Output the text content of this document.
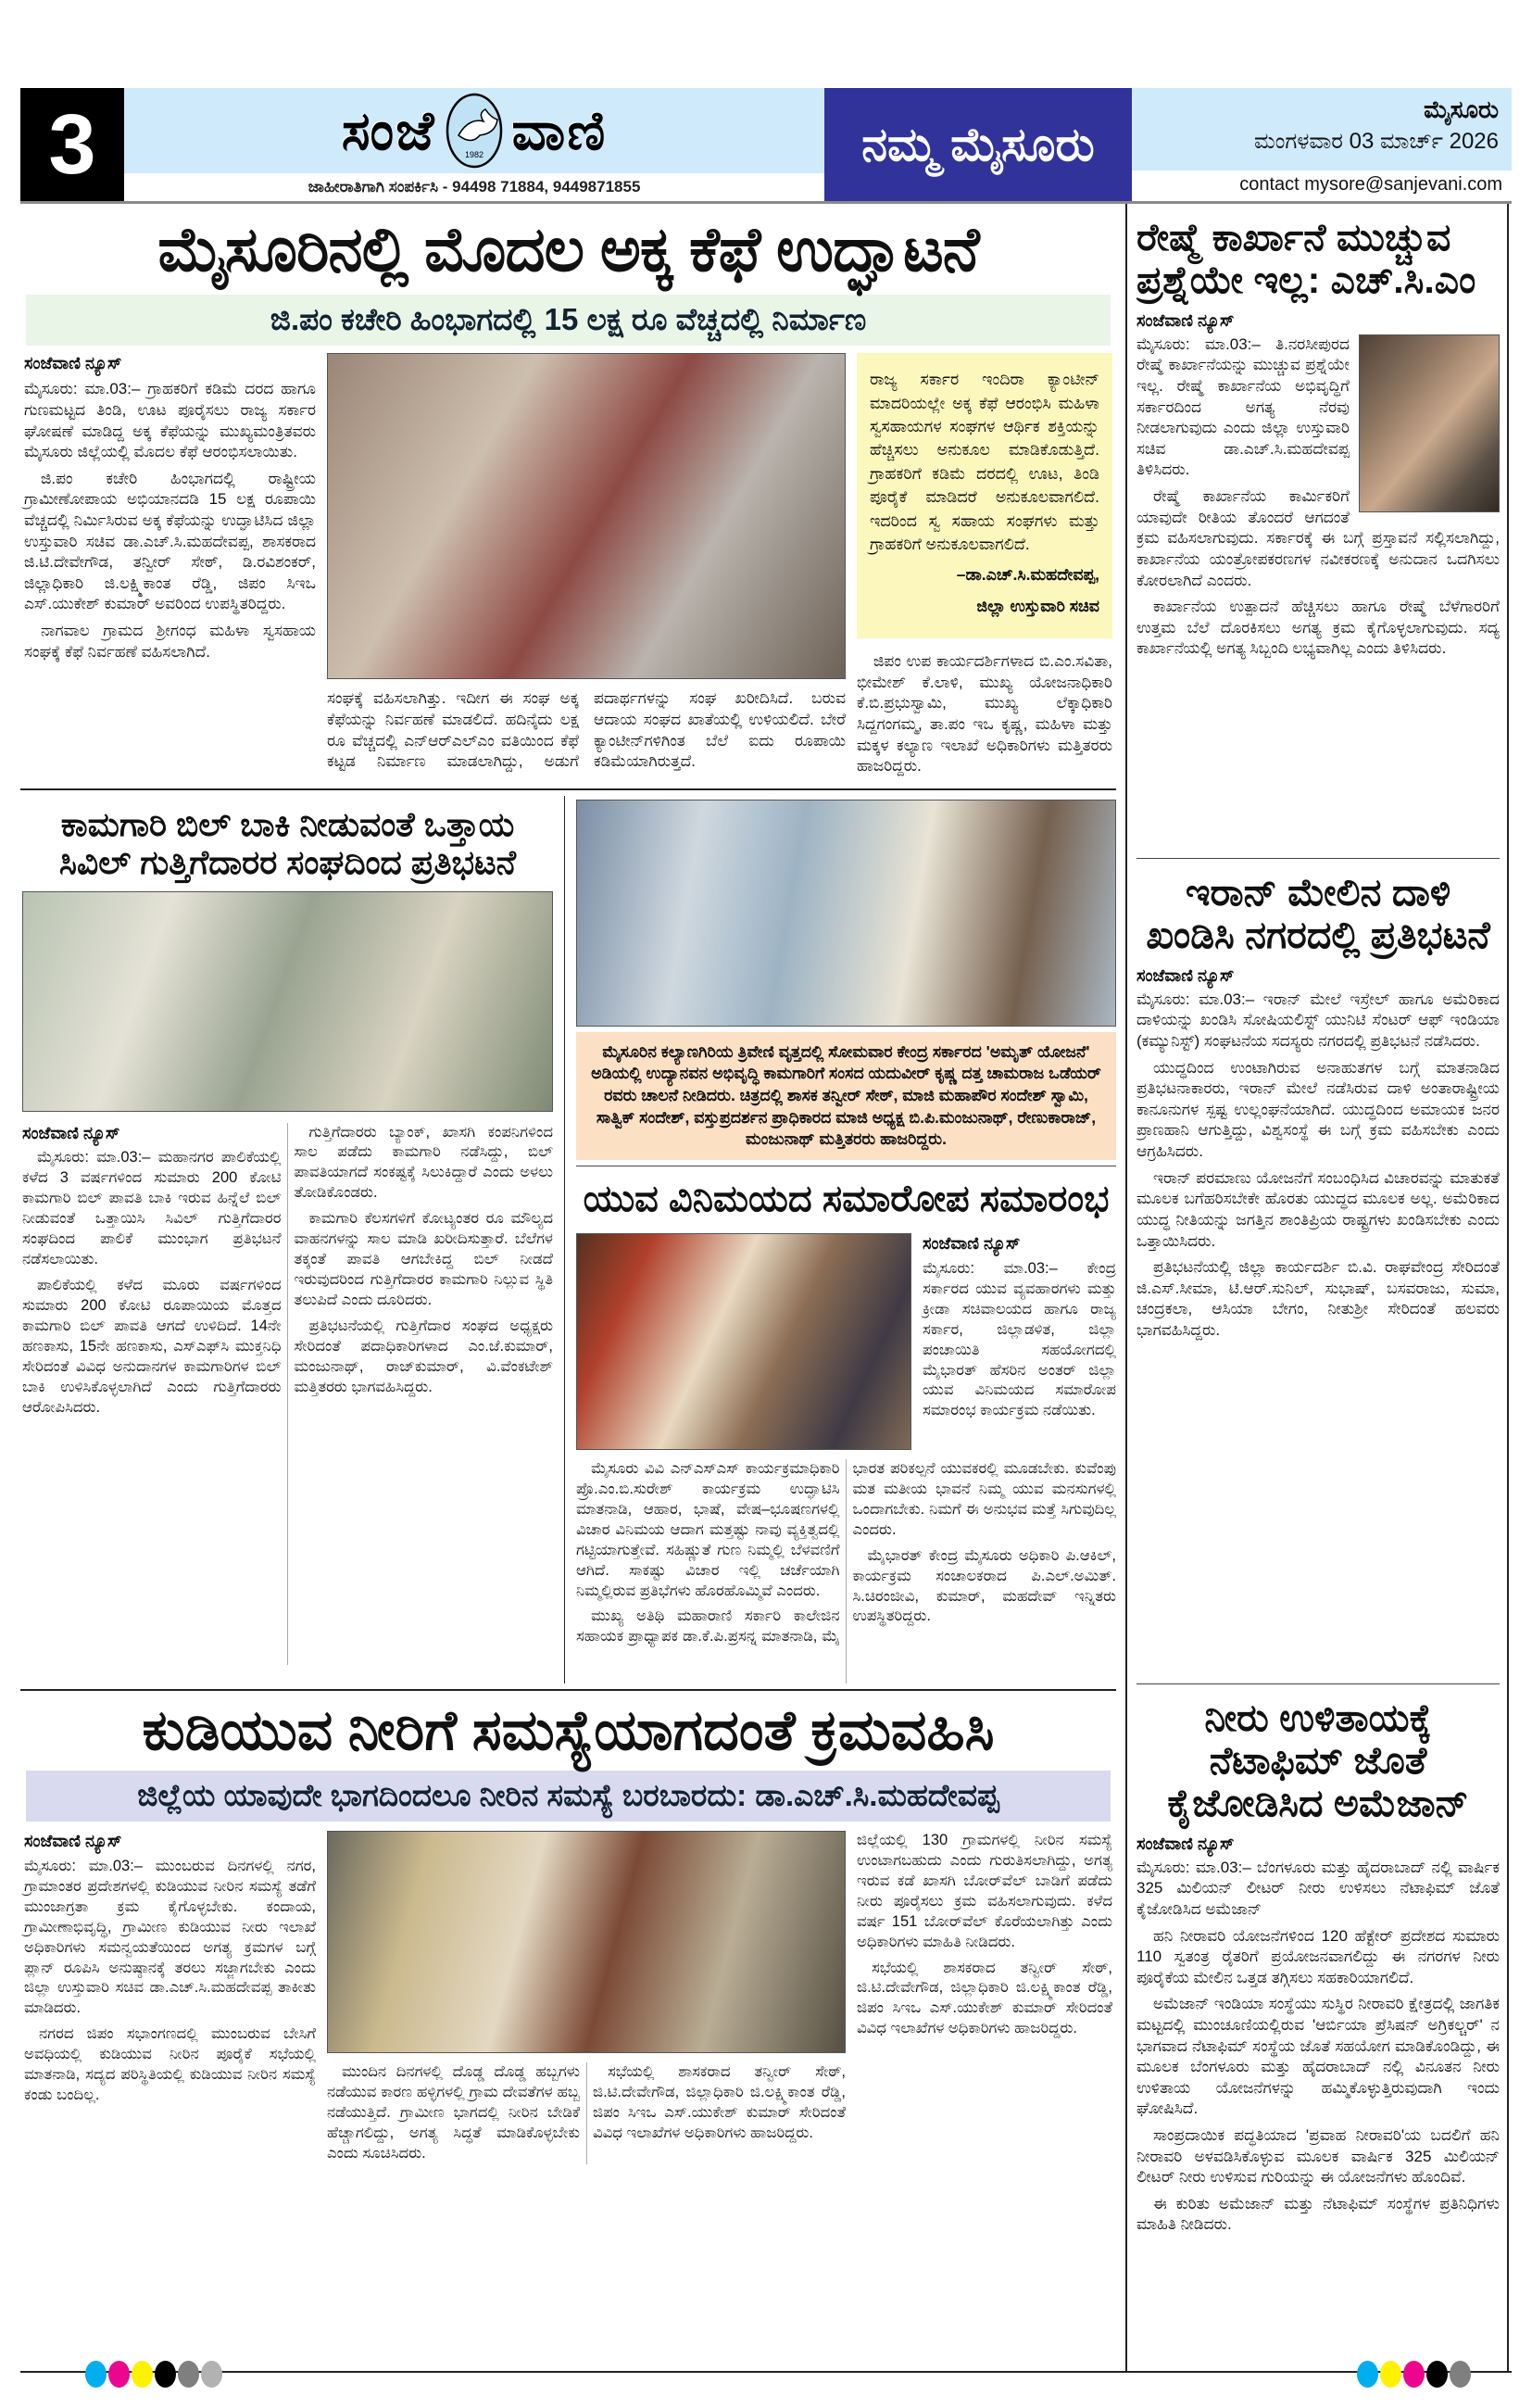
3	ಸಂಜೆ	1982 ವಾಣಿ
ಜಾಹೀರಾತಿಗಾಗಿ ಸಂಪರ್ಕಿಸಿ - 94498 71884, 9449871855
ನಮ್ಮ ಮೈಸೂರು
ಮೈಸೂರು
ಮಂಗಳವಾರ 03 ಮಾರ್ಚ್ 2026
contact mysore@sanjevani.com
ಮೈಸೂರಿನಲ್ಲಿ ಮೊದಲ ಅಕ್ಕ ಕೆಫೆ ಉದ್ಘಾಟನೆ
ಜಿ.ಪಂ ಕಚೇರಿ ಹಿಂಭಾಗದಲ್ಲಿ 15 ಲಕ್ಷ ರೂ ವೆಚ್ಚದಲ್ಲಿ ನಿರ್ಮಾಣ
ಸಂಜೆವಾಣಿ ನ್ಯೂಸ್

ಮೈಸೂರು: ಮಾ.03:– ಗ್ರಾಹಕರಿಗೆ ಕಡಿಮೆ ದರದ ಹಾಗೂ ಗುಣಮಟ್ಟದ ತಿಂಡಿ, ಊಟ ಪೂರೈಸಲು ರಾಜ್ಯ ಸರ್ಕಾರ ಘೋಷಣೆ ಮಾಡಿದ್ದ ಅಕ್ಕ ಕೆಫೆಯನ್ನು ಮುಖ್ಯಮಂತ್ರಿತವರು ಮೈಸೂರು ಜಿಲ್ಲೆಯಲ್ಲಿ ಮೊದಲ ಕೆಫೆ ಆರಂಭಿಸಲಾಯಿತು.

ಜಿ.ಪಂ ಕಚೇರಿ ಹಿಂಭಾಗದಲ್ಲಿ ರಾಷ್ಟ್ರೀಯ ಗ್ರಾಮೀಣೋಪಾಯ ಅಭಿಯಾನದಡಿ 15 ಲಕ್ಷ ರೂಪಾಯಿ ವೆಚ್ಚದಲ್ಲಿ ನಿರ್ಮಿಸಿರುವ ಅಕ್ಕ ಕೆಫೆಯನ್ನು ಉದ್ಘಾಟಿಸಿದ ಜಿಲ್ಲಾ ಉಸ್ತುವಾರಿ ಸಚಿವ ಡಾ.ಎಚ್.ಸಿ.ಮಹದೇವಪ್ಪ, ಶಾಸಕರಾದ ಜಿ.ಟಿ.ದೇವೇಗೌಡ, ತನ್ವೀರ್ ಸೇಠ್, ಡಿ.ರವಿಶಂಕರ್, ಜಿಲ್ಲಾಧಿಕಾರಿ ಜಿ.ಲಕ್ಷ್ಮಿಕಾಂತ ರೆಡ್ಡಿ, ಜಿಪಂ ಸಿಇಒ ಎಸ್.ಯುಕೇಶ್ ಕುಮಾರ್ ಅವರಿಂದ ಉಪಸ್ಥಿತರಿದ್ದರು.

ನಾಗವಾಲ ಗ್ರಾಮದ ಶ್ರೀಗಂಧ ಮಹಿಳಾ ಸ್ವಸಹಾಯ ಸಂಘಕ್ಕೆ ಕೆಫೆ ನಿರ್ವಹಣೆ ವಹಿಸಲಾಗಿದೆ.

ಸಂಘಕ್ಕೆ ವಹಿಸಲಾಗಿತ್ತು. ಇದೀಗ ಈ ಸಂಘ ಅಕ್ಕ ಕೆಫೆಯನ್ನು ನಿರ್ವಹಣೆ ಮಾಡಲಿದೆ. ಹದಿನೈದು ಲಕ್ಷ ರೂ ವೆಚ್ಚದಲ್ಲಿ ಎನ್‌ಆರ್‌ಎಲ್‌ಎಂ ವತಿಯಿಂದ ಕೆಫೆ ಕಟ್ಟಡ ನಿರ್ಮಾಣ ಮಾಡಲಾಗಿದ್ದು, ಅಡುಗೆ ಪದಾರ್ಥಗಳನ್ನು ಸಂಘ ಖರೀದಿಸಿದೆ. ಬರುವ ಆದಾಯ ಸಂಘದ ಖಾತೆಯಲ್ಲಿ ಉಳಿಯಲಿದೆ. ಬೇರೆ ಕ್ಯಾಂಟೀನ್‌ಗಳಿಗಿಂತ ಬೆಲೆ ಐದು ರೂಪಾಯಿ ಕಡಿಮೆಯಾಗಿರುತ್ತದೆ.

ರಾಜ್ಯ ಸರ್ಕಾರ ಇಂದಿರಾ ಕ್ಯಾಂಟೀನ್ ಮಾದರಿಯಲ್ಲೇ ಅಕ್ಕ ಕೆಫೆ ಆರಂಭಿಸಿ ಮಹಿಳಾ ಸ್ವಸಹಾಯಗಳ ಸಂಘಗಳ ಆರ್ಥಿಕ ಶಕ್ತಿಯನ್ನು ಹೆಚ್ಚಿಸಲು ಅನುಕೂಲ ಮಾಡಿಕೊಡುತ್ತಿದೆ. ಗ್ರಾಹಕರಿಗೆ ಕಡಿಮೆ ದರದಲ್ಲಿ ಊಟ, ತಿಂಡಿ ಪೂರೈಕೆ ಮಾಡಿದರೆ ಅನುಕೂಲವಾಗಲಿದೆ. ಇದರಿಂದ ಸ್ವ ಸಹಾಯ ಸಂಘಗಳು ಮತ್ತು ಗ್ರಾಹಕರಿಗೆ ಅನುಕೂಲವಾಗಲಿದೆ.

–ಡಾ.ಎಚ್.ಸಿ.ಮಹದೇವಪ್ಪ,

ಜಿಲ್ಲಾ ಉಸ್ತುವಾರಿ ಸಚಿವ

ಜಿಪಂ ಉಪ ಕಾರ್ಯದರ್ಶಿಗಳಾದ ಬಿ.ಎಂ.ಸವಿತಾ, ಭೀಮೇಶ್ ಕೆ.ಲಾಳಿ, ಮುಖ್ಯ ಯೋಜನಾಧಿಕಾರಿ ಕೆ.ಬಿ.ಪ್ರಭುಸ್ವಾಮಿ, ಮುಖ್ಯ ಲೆಕ್ಕಾಧಿಕಾರಿ ಸಿದ್ದಗಂಗಮ್ಮ, ತಾ.ಪಂ ಇಒ ಕೃಷ್ಣ, ಮಹಿಳಾ ಮತ್ತು ಮಕ್ಕಳ ಕಲ್ಯಾಣ ಇಲಾಖೆ ಅಧಿಕಾರಿಗಳು ಮತ್ತಿತರರು ಹಾಜರಿದ್ದರು.

ಕಾಮಗಾರಿ ಬಿಲ್ ಬಾಕಿ ನೀಡುವಂತೆ ಒತ್ತಾಯ ಸಿವಿಲ್ ಗುತ್ತಿಗೆದಾರರ ಸಂಘದಿಂದ ಪ್ರತಿಭಟನೆ
ಸಂಜೆವಾಣಿ ನ್ಯೂಸ್

ಮೈಸೂರು: ಮಾ.03:– ಮಹಾನಗರ ಪಾಲಿಕೆಯಲ್ಲಿ ಕಳೆದ 3 ವರ್ಷಗಳಿಂದ ಸುಮಾರು 200 ಕೋಟಿ ಕಾಮಗಾರಿ ಬಿಲ್ ಪಾವತಿ ಬಾಕಿ ಇರುವ ಹಿನ್ನೆಲೆ ಬಿಲ್ ನೀಡುವಂತೆ ಒತ್ತಾಯಿಸಿ ಸಿವಿಲ್ ಗುತ್ತಿಗೆದಾರರ ಸಂಘದಿಂದ ಪಾಲಿಕೆ ಮುಂಭಾಗ ಪ್ರತಿಭಟನೆ ನಡೆಸಲಾಯಿತು.

ಪಾಲಿಕೆಯಲ್ಲಿ ಕಳೆದ ಮೂರು ವರ್ಷಗಳಿಂದ ಸುಮಾರು 200 ಕೋಟಿ ರೂಪಾಯಿಯ ಮೊತ್ತದ ಕಾಮಗಾರಿ ಬಿಲ್ ಪಾವತಿ ಆಗದೆ ಉಳಿದಿದೆ. 14ನೇ ಹಣಕಾಸು, 15ನೇ ಹಣಕಾಸು, ಎಸ್‌ಎಫ್‌ಸಿ ಮುಕ್ತನಿಧಿ ಸೇರಿದಂತೆ ವಿವಿಧ ಅನುದಾನಗಳ ಕಾಮಗಾರಿಗಳ ಬಿಲ್ ಬಾಕಿ ಉಳಿಸಿಕೊಳ್ಳಲಾಗಿದೆ ಎಂದು ಗುತ್ತಿಗೆದಾರರು ಆರೋಪಿಸಿದರು.

ಗುತ್ತಿಗೆದಾರರು ಬ್ಯಾಂಕ್, ಖಾಸಗಿ ಕಂಪನಿಗಳಿಂದ ಸಾಲ ಪಡೆದು ಕಾಮಗಾರಿ ನಡೆಸಿದ್ದು, ಬಿಲ್ ಪಾವತಿಯಾಗದೆ ಸಂಕಷ್ಟಕ್ಕೆ ಸಿಲುಕಿದ್ದಾರೆ ಎಂದು ಅಳಲು ತೋಡಿಕೊಂಡರು.

ಕಾಮಗಾರಿ ಕೆಲಸಗಳಿಗೆ ಕೋಟ್ಯಂತರ ರೂ ಮೌಲ್ಯದ ವಾಹನಗಳನ್ನು ಸಾಲ ಮಾಡಿ ಖರೀದಿಸುತ್ತಾರೆ. ಬೆಲೆಗಳ ತಕ್ಕಂತೆ ಪಾವತಿ ಆಗಬೇಕಿದ್ದ ಬಿಲ್ ನೀಡದೆ ಇರುವುದರಿಂದ ಗುತ್ತಿಗೆದಾರರ ಕಾಮಗಾರಿ ನಿಲ್ಲುವ ಸ್ಥಿತಿ ತಲುಪಿದೆ ಎಂದು ದೂರಿದರು.

ಪ್ರತಿಭಟನೆಯಲ್ಲಿ ಗುತ್ತಿಗೆದಾರ ಸಂಘದ ಅಧ್ಯಕ್ಷರು ಸೇರಿದಂತೆ ಪದಾಧಿಕಾರಿಗಳಾದ ಎಂ.ಜೆ.ಕುಮಾರ್, ಮಂಜುನಾಥ್, ರಾಜ್‌ಕುಮಾರ್, ವಿ.ವೆಂಕಟೇಶ್ ಮತ್ತಿತರರು ಭಾಗವಹಿಸಿದ್ದರು.

ಮೈಸೂರಿನ ಕಲ್ಯಾಣಗಿರಿಯ ತ್ರಿವೇಣಿ ವೃತ್ತದಲ್ಲಿ ಸೋಮವಾರ ಕೇಂದ್ರ ಸರ್ಕಾರದ 'ಅಮೃತ್ ಯೋಜನೆ' ಅಡಿಯಲ್ಲಿ ಉದ್ಯಾನವನ ಅಭಿವೃದ್ಧಿ ಕಾಮಗಾರಿಗೆ ಸಂಸದ ಯದುವೀರ್ ಕೃಷ್ಣ ದತ್ತ ಚಾಮರಾಜ ಒಡೆಯರ್ ರವರು ಚಾಲನೆ ನೀಡಿದರು. ಚಿತ್ರದಲ್ಲಿ ಶಾಸಕ ತನ್ವೀರ್ ಸೇಠ್, ಮಾಜಿ ಮಹಾಪೌರ ಸಂದೇಶ್ ಸ್ವಾಮಿ, ಸಾತ್ವಿಕ್ ಸಂದೇಶ್, ವಸ್ತುಪ್ರದರ್ಶನ ಪ್ರಾಧಿಕಾರದ ಮಾಜಿ ಅಧ್ಯಕ್ಷ ಬಿ.ಪಿ.ಮಂಜುನಾಥ್, ರೇಣುಕಾರಾಜ್, ಮಂಜುನಾಥ್ ಮತ್ತಿತರರು ಹಾಜರಿದ್ದರು.
ಯುವ ವಿನಿಮಯದ ಸಮಾರೋಪ ಸಮಾರಂಭ
ಸಂಜೆವಾಣಿ ನ್ಯೂಸ್

ಮೈಸೂರು: ಮಾ.03:– ಕೇಂದ್ರ ಸರ್ಕಾರದ ಯುವ ವ್ಯವಹಾರಗಳು ಮತ್ತು ಕ್ರೀಡಾ ಸಚಿವಾಲಯದ ಹಾಗೂ ರಾಜ್ಯ ಸರ್ಕಾರ, ಜಿಲ್ಲಾಡಳಿತ, ಜಿಲ್ಲಾ ಪಂಚಾಯಿತಿ ಸಹಯೋಗದಲ್ಲಿ ಮೈಭಾರತ್ ಹೆಸರಿನ ಅಂತರ್ ಜಿಲ್ಲಾ ಯುವ ವಿನಿಮಯದ ಸಮಾರೋಪ ಸಮಾರಂಭ ಕಾರ್ಯಕ್ರಮ ನಡೆಯಿತು.

ಮೈಸೂರು ವಿವಿ ಎನ್‌ಎಸ್‌ಎಸ್ ಕಾರ್ಯಕ್ರಮಾಧಿಕಾರಿ ಪ್ರೊ.ಎಂ.ಬಿ.ಸುರೇಶ್ ಕಾರ್ಯಕ್ರಮ ಉದ್ಘಾಟಿಸಿ ಮಾತನಾಡಿ, ಆಹಾರ, ಭಾಷೆ, ವೇಷ–ಭೂಷಣಗಳಲ್ಲಿ ವಿಚಾರ ವಿನಿಮಯ ಆದಾಗ ಮತ್ತಷ್ಟು ನಾವು ವ್ಯಕ್ತಿತ್ವದಲ್ಲಿ ಗಟ್ಟಿಯಾಗುತ್ತೇವೆ. ಸಹಿಷ್ಣುತೆ ಗುಣ ನಿಮ್ಮಲ್ಲಿ ಬೆಳವಣಿಗೆ ಆಗಿದೆ. ಸಾಕಷ್ಟು ವಿಚಾರ ಇಲ್ಲಿ ಚರ್ಚೆಯಾಗಿ ನಿಮ್ಮಲ್ಲಿರುವ ಪ್ರತಿಭೆಗಳು ಹೊರಹೊಮ್ಮಿವೆ ಎಂದರು.

ಮುಖ್ಯ ಅತಿಥಿ ಮಹಾರಾಣಿ ಸರ್ಕಾರಿ ಕಾಲೇಜಿನ ಸಹಾಯಕ ಪ್ರಾಧ್ಯಾಪಕ ಡಾ.ಕೆ.ಪಿ.ಪ್ರಸನ್ನ ಮಾತನಾಡಿ, ಮೈ ಭಾರತ ಪರಿಕಲ್ಪನೆ ಯುವಕರಲ್ಲಿ ಮೂಡಬೇಕು. ಕುವೆಂಪು ಮತ ಮತೀಯ ಭಾವನೆ ನಿಮ್ಮ ಯುವ ಮನಸುಗಳಲ್ಲಿ ಒಂದಾಗಬೇಕು. ನಿಮಗೆ ಈ ಅನುಭವ ಮತ್ತೆ ಸಿಗುವುದಿಲ್ಲ ಎಂದರು.

ಮೈಭಾರತ್ ಕೇಂದ್ರ ಮೈಸೂರು ಅಧಿಕಾರಿ ಪಿ.ಆಕಿಲ್, ಕಾರ್ಯಕ್ರಮ ಸಂಚಾಲಕರಾದ ಪಿ.ಎಲ್.ಅಮಿತ್. ಸಿ.ಚಿರಂಜೀವಿ, ಕುಮಾರ್, ಮಹದೇವ್ ಇನ್ನಿತರು ಉಪಸ್ಥಿತರಿದ್ದರು.

ಕುಡಿಯುವ ನೀರಿಗೆ ಸಮಸ್ಯೆಯಾಗದಂತೆ ಕ್ರಮವಹಿಸಿ
ಜಿಲ್ಲೆಯ ಯಾವುದೇ ಭಾಗದಿಂದಲೂ ನೀರಿನ ಸಮಸ್ಯೆ ಬರಬಾರದು: ಡಾ.ಎಚ್.ಸಿ.ಮಹದೇವಪ್ಪ
ಸಂಜೆವಾಣಿ ನ್ಯೂಸ್

ಮೈಸೂರು: ಮಾ.03:– ಮುಂಬರುವ ದಿನಗಳಲ್ಲಿ ನಗರ, ಗ್ರಾಮಾಂತರ ಪ್ರದೇಶಗಳಲ್ಲಿ ಕುಡಿಯುವ ನೀರಿನ ಸಮಸ್ಯೆ ತಡೆಗೆ ಮುಂಜಾಗ್ರತಾ ಕ್ರಮ ಕೈಗೊಳ್ಳಬೇಕು. ಕಂದಾಯ, ಗ್ರಾಮೀಣಾಭಿವೃದ್ಧಿ, ಗ್ರಾಮೀಣ ಕುಡಿಯುವ ನೀರು ಇಲಾಖೆ ಅಧಿಕಾರಿಗಳು ಸಮನ್ವಯತೆಯಿಂದ ಅಗತ್ಯ ಕ್ರಮಗಳ ಬಗ್ಗೆ ಪ್ಲಾನ್ ರೂಪಿಸಿ ಅನುಷ್ಠಾನಕ್ಕೆ ತರಲು ಸಜ್ಜಾಗಬೇಕು ಎಂದು ಜಿಲ್ಲಾ ಉಸ್ತುವಾರಿ ಸಚಿವ ಡಾ.ಎಚ್.ಸಿ.ಮಹದೇವಪ್ಪ ತಾಕೀತು ಮಾಡಿದರು.

ನಗರದ ಜಿಪಂ ಸಭಾಂಗಣದಲ್ಲಿ ಮುಂಬರುವ ಬೇಸಿಗೆ ಅವಧಿಯಲ್ಲಿ ಕುಡಿಯುವ ನೀರಿನ ಪೂರೈಕೆ ಸಭೆಯಲ್ಲಿ ಮಾತನಾಡಿ, ಸದ್ಯದ ಪರಿಸ್ಥಿತಿಯಲ್ಲಿ ಕುಡಿಯುವ ನೀರಿನ ಸಮಸ್ಯೆ ಕಂಡು ಬಂದಿಲ್ಲ.

ಮುಂದಿನ ದಿನಗಳಲ್ಲಿ ದೊಡ್ಡ ದೊಡ್ಡ ಹಬ್ಬಗಳು ನಡೆಯುವ ಕಾರಣ ಹಳ್ಳಿಗಳಲ್ಲಿ ಗ್ರಾಮ ದೇವತೆಗಳ ಹಬ್ಬ ನಡೆಯುತ್ತಿದೆ. ಗ್ರಾಮೀಣ ಭಾಗದಲ್ಲಿ ನೀರಿನ ಬೇಡಿಕೆ ಹೆಚ್ಚಾಗಲಿದ್ದು, ಅಗತ್ಯ ಸಿದ್ಧತೆ ಮಾಡಿಕೊಳ್ಳಬೇಕು ಎಂದು ಸೂಚಿಸಿದರು.

ಸಭೆಯಲ್ಲಿ ಶಾಸಕರಾದ ತನ್ವೀರ್ ಸೇಠ್, ಜಿ.ಟಿ.ದೇವೇಗೌಡ, ಜಿಲ್ಲಾಧಿಕಾರಿ ಜಿ.ಲಕ್ಷ್ಮಿಕಾಂತ ರೆಡ್ಡಿ, ಜಿಪಂ ಸಿಇಒ ಎಸ್.ಯುಕೇಶ್ ಕುಮಾರ್ ಸೇರಿದಂತೆ ವಿವಿಧ ಇಲಾಖೆಗಳ ಅಧಿಕಾರಿಗಳು ಹಾಜರಿದ್ದರು.

ಜಿಲ್ಲೆಯಲ್ಲಿ 130 ಗ್ರಾಮಗಳಲ್ಲಿ ನೀರಿನ ಸಮಸ್ಯೆ ಉಂಟಾಗಬಹುದು ಎಂದು ಗುರುತಿಸಲಾಗಿದ್ದು, ಅಗತ್ಯ ಇರುವ ಕಡೆ ಖಾಸಗಿ ಬೋರ್‌ವೆಲ್ ಬಾಡಿಗೆ ಪಡೆದು ನೀರು ಪೂರೈಸಲು ಕ್ರಮ ವಹಿಸಲಾಗುವುದು. ಕಳೆದ ವರ್ಷ 151 ಬೋರ್‌ವೆಲ್ ಕೊರೆಯಲಾಗಿತ್ತು ಎಂದು ಅಧಿಕಾರಿಗಳು ಮಾಹಿತಿ ನೀಡಿದರು.

ಸಭೆಯಲ್ಲಿ ಶಾಸಕರಾದ ತನ್ವೀರ್ ಸೇಠ್, ಜಿ.ಟಿ.ದೇವೇಗೌಡ, ಜಿಲ್ಲಾಧಿಕಾರಿ ಜಿ.ಲಕ್ಷ್ಮಿಕಾಂತ ರೆಡ್ಡಿ, ಜಿಪಂ ಸಿಇಒ ಎಸ್.ಯುಕೇಶ್ ಕುಮಾರ್ ಸೇರಿದಂತೆ ವಿವಿಧ ಇಲಾಖೆಗಳ ಅಧಿಕಾರಿಗಳು ಹಾಜರಿದ್ದರು.

ರೇಷ್ಮೆ ಕಾರ್ಖಾನೆ ಮುಚ್ಚುವ ಪ್ರಶ್ನೆಯೇ ಇಲ್ಲ: ಎಚ್.ಸಿ.ಎಂ
ಸಂಜೆವಾಣಿ ನ್ಯೂಸ್

ಮೈಸೂರು: ಮಾ.03:– ತಿ.ನರಸೀಪುರದ ರೇಷ್ಮೆ ಕಾರ್ಖಾನೆಯನ್ನು ಮುಚ್ಚುವ ಪ್ರಶ್ನೆಯೇ ಇಲ್ಲ. ರೇಷ್ಮೆ ಕಾರ್ಖಾನೆಯ ಅಭಿವೃದ್ಧಿಗೆ ಸರ್ಕಾರದಿಂದ ಅಗತ್ಯ ನೆರವು ನೀಡಲಾಗುವುದು ಎಂದು ಜಿಲ್ಲಾ ಉಸ್ತುವಾರಿ ಸಚಿವ ಡಾ.ಎಚ್.ಸಿ.ಮಹದೇವಪ್ಪ ತಿಳಿಸಿದರು.

ರೇಷ್ಮೆ ಕಾರ್ಖಾನೆಯ ಕಾರ್ಮಿಕರಿಗೆ ಯಾವುದೇ ರೀತಿಯ ತೊಂದರೆ ಆಗದಂತೆ ಕ್ರಮ ವಹಿಸಲಾಗುವುದು. ಸರ್ಕಾರಕ್ಕೆ ಈ ಬಗ್ಗೆ ಪ್ರಸ್ತಾವನೆ ಸಲ್ಲಿಸಲಾಗಿದ್ದು, ಕಾರ್ಖಾನೆಯ ಯಂತ್ರೋಪಕರಣಗಳ ನವೀಕರಣಕ್ಕೆ ಅನುದಾನ ಒದಗಿಸಲು ಕೋರಲಾಗಿದೆ ಎಂದರು.

ಕಾರ್ಖಾನೆಯ ಉತ್ಪಾದನೆ ಹೆಚ್ಚಿಸಲು ಹಾಗೂ ರೇಷ್ಮೆ ಬೆಳೆಗಾರರಿಗೆ ಉತ್ತಮ ಬೆಲೆ ದೊರಕಿಸಲು ಅಗತ್ಯ ಕ್ರಮ ಕೈಗೊಳ್ಳಲಾಗುವುದು. ಸದ್ಯ ಕಾರ್ಖಾನೆಯಲ್ಲಿ ಅಗತ್ಯ ಸಿಬ್ಬಂದಿ ಲಭ್ಯವಾಗಿಲ್ಲ ಎಂದು ತಿಳಿಸಿದರು.

ಇರಾನ್ ಮೇಲಿನ ದಾಳಿ ಖಂಡಿಸಿ ನಗರದಲ್ಲಿ ಪ್ರತಿಭಟನೆ
ಸಂಜೆವಾಣಿ ನ್ಯೂಸ್

ಮೈಸೂರು: ಮಾ.03:– ಇರಾನ್ ಮೇಲೆ ಇಸ್ರೇಲ್ ಹಾಗೂ ಅಮೆರಿಕಾದ ದಾಳಿಯನ್ನು ಖಂಡಿಸಿ ಸೋಷಿಯಲಿಸ್ಟ್ ಯುನಿಟಿ ಸೆಂಟರ್ ಆಫ್ ಇಂಡಿಯಾ (ಕಮ್ಯುನಿಸ್ಟ್) ಸಂಘಟನೆಯ ಸದಸ್ಯರು ನಗರದಲ್ಲಿ ಪ್ರತಿಭಟನೆ ನಡೆಸಿದರು.

ಯುದ್ಧದಿಂದ ಉಂಟಾಗಿರುವ ಅನಾಹುತಗಳ ಬಗ್ಗೆ ಮಾತನಾಡಿದ ಪ್ರತಿಭಟನಾಕಾರರು, ಇರಾನ್ ಮೇಲೆ ನಡೆಸಿರುವ ದಾಳಿ ಅಂತಾರಾಷ್ಟ್ರೀಯ ಕಾನೂನುಗಳ ಸ್ಪಷ್ಟ ಉಲ್ಲಂಘನೆಯಾಗಿದೆ. ಯುದ್ಧದಿಂದ ಅಮಾಯಕ ಜನರ ಪ್ರಾಣಹಾನಿ ಆಗುತ್ತಿದ್ದು, ವಿಶ್ವಸಂಸ್ಥೆ ಈ ಬಗ್ಗೆ ಕ್ರಮ ವಹಿಸಬೇಕು ಎಂದು ಆಗ್ರಹಿಸಿದರು.

ಇರಾನ್ ಪರಮಾಣು ಯೋಜನೆಗೆ ಸಂಬಂಧಿಸಿದ ವಿಚಾರವನ್ನು ಮಾತುಕತೆ ಮೂಲಕ ಬಗೆಹರಿಸಬೇಕೇ ಹೊರತು ಯುದ್ಧದ ಮೂಲಕ ಅಲ್ಲ. ಅಮೆರಿಕಾದ ಯುದ್ಧ ನೀತಿಯನ್ನು ಜಗತ್ತಿನ ಶಾಂತಿಪ್ರಿಯ ರಾಷ್ಟ್ರಗಳು ಖಂಡಿಸಬೇಕು ಎಂದು ಒತ್ತಾಯಿಸಿದರು.

ಪ್ರತಿಭಟನೆಯಲ್ಲಿ ಜಿಲ್ಲಾ ಕಾರ್ಯದರ್ಶಿ ಬಿ.ವಿ. ರಾಘವೇಂದ್ರ ಸೇರಿದಂತೆ ಜಿ.ಎಸ್.ಸೀಮಾ, ಟಿ.ಆರ್.ಸುನಿಲ್, ಸುಭಾಷ್, ಬಸವರಾಜು, ಸುಮಾ, ಚಂದ್ರಕಲಾ, ಆಸಿಯಾ ಬೇಗಂ, ನೀತುಶ್ರೀ ಸೇರಿದಂತೆ ಹಲವರು ಭಾಗವಹಿಸಿದ್ದರು.

ನೀರು ಉಳಿತಾಯಕ್ಕೆ ನೆಟಾಫಿಮ್ ಜೊತೆ ಕೈಜೋಡಿಸಿದ ಅಮೆಜಾನ್
ಸಂಜೆವಾಣಿ ನ್ಯೂಸ್

ಮೈಸೂರು: ಮಾ.03:– ಬೆಂಗಳೂರು ಮತ್ತು ಹೈದರಾಬಾದ್ ನಲ್ಲಿ ವಾರ್ಷಿಕ 325 ಮಿಲಿಯನ್ ಲೀಟರ್ ನೀರು ಉಳಿಸಲು ನೆಟಾಫಿಮ್ ಜೊತೆ ಕೈಜೋಡಿಸಿದ ಅಮೆಜಾನ್

ಹನಿ ನೀರಾವರಿ ಯೋಜನೆಗಳಿಂದ 120 ಹೆಕ್ಟೇರ್ ಪ್ರದೇಶದ ಸುಮಾರು 110 ಸ್ವತಂತ್ರ ರೈತರಿಗೆ ಪ್ರಯೋಜನವಾಗಲಿದ್ದು ಈ ನಗರಗಳ ನೀರು ಪೂರೈಕೆಯ ಮೇಲಿನ ಒತ್ತಡ ತಗ್ಗಿಸಲು ಸಹಕಾರಿಯಾಗಲಿದೆ.

ಅಮೆಜಾನ್ ಇಂಡಿಯಾ ಸಂಸ್ಥೆಯು ಸುಸ್ಥಿರ ನೀರಾವರಿ ಕ್ಷೇತ್ರದಲ್ಲಿ ಜಾಗತಿಕ ಮಟ್ಟದಲ್ಲಿ ಮುಂಚೂಣಿಯಲ್ಲಿರುವ 'ಆರ್ಬಿಯಾ ಪ್ರೆಸಿಷನ್ ಅಗ್ರಿಕಲ್ಚರ್' ನ ಭಾಗವಾದ ನೆಟಾಫಿಮ್ ಸಂಸ್ಥೆಯ ಜೊತೆ ಸಹಯೋಗ ಮಾಡಿಕೊಂಡಿದ್ದು, ಈ ಮೂಲಕ ಬೆಂಗಳೂರು ಮತ್ತು ಹೈದರಾಬಾದ್ ನಲ್ಲಿ ವಿನೂತನ ನೀರು ಉಳಿತಾಯ ಯೋಜನೆಗಳನ್ನು ಹಮ್ಮಿಕೊಳ್ಳುತ್ತಿರುವುದಾಗಿ ಇಂದು ಘೋಷಿಸಿದೆ.

ಸಾಂಪ್ರದಾಯಿಕ ಪದ್ಧತಿಯಾದ 'ಪ್ರವಾಹ ನೀರಾವರಿ'ಯ ಬದಲಿಗೆ ಹನಿ ನೀರಾವರಿ ಅಳವಡಿಸಿಕೊಳ್ಳುವ ಮೂಲಕ ವಾರ್ಷಿಕ 325 ಮಿಲಿಯನ್ ಲೀಟರ್ ನೀರು ಉಳಿಸುವ ಗುರಿಯನ್ನು ಈ ಯೋಜನೆಗಳು ಹೊಂದಿವೆ.

ಈ ಕುರಿತು ಅಮೆಜಾನ್ ಮತ್ತು ನೆಟಾಫಿಮ್ ಸಂಸ್ಥೆಗಳ ಪ್ರತಿನಿಧಿಗಳು ಮಾಹಿತಿ ನೀಡಿದರು.
